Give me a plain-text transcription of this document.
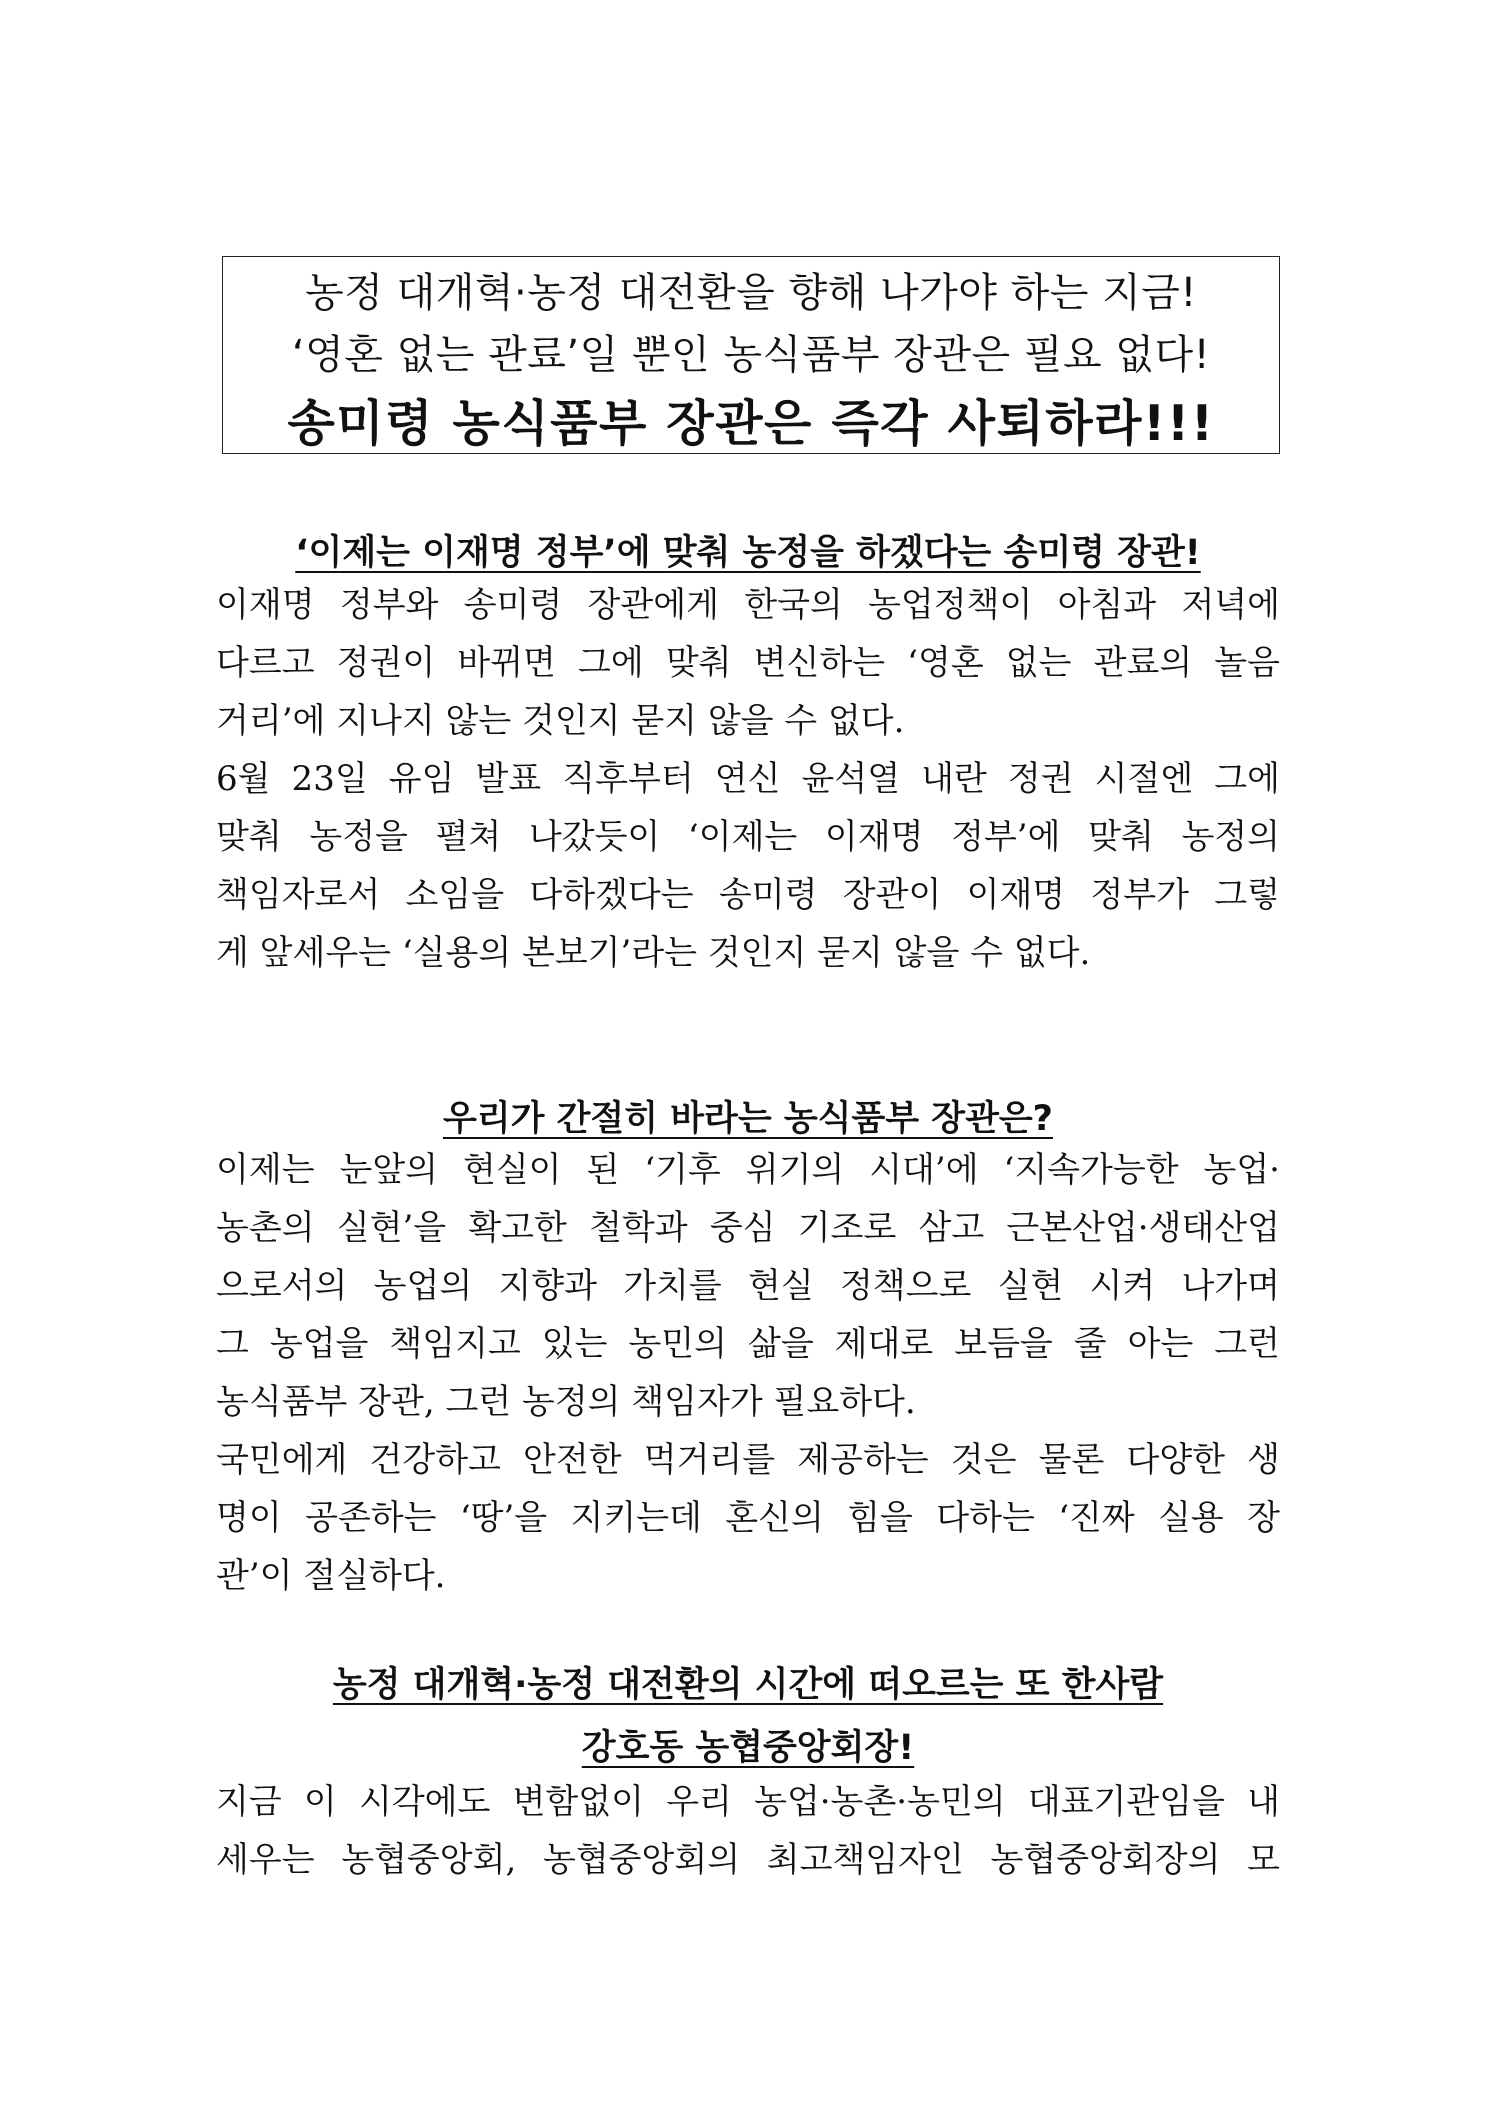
농정 대개혁·농정 대전환을 향해 나가야 하는 지금!
‘영혼 없는 관료’일 뿐인 농식품부 장관은 필요 없다!
송미령 농식품부 장관은 즉각 사퇴하라!!!
‘이제는 이재명 정부’에 맞춰 농정을 하겠다는 송미령 장관!
이재명 정부와 송미령 장관에게 한국의 농업정책이 아침과 저녁에
다르고 정권이 바뀌면 그에 맞춰 변신하는 ‘영혼 없는 관료의 놀음
거리’에 지나지 않는 것인지 묻지 않을 수 없다.
6월 23일 유임 발표 직후부터 연신 윤석열 내란 정권 시절엔 그에
맞춰 농정을 펼쳐 나갔듯이 ‘이제는 이재명 정부’에 맞춰 농정의
책임자로서 소임을 다하겠다는 송미령 장관이 이재명 정부가 그렇
게 앞세우는 ‘실용의 본보기’라는 것인지 묻지 않을 수 없다.
우리가 간절히 바라는 농식품부 장관은?
이제는 눈앞의 현실이 된 ‘기후 위기의 시대’에 ‘지속가능한 농업·
농촌의 실현’을 확고한 철학과 중심 기조로 삼고 근본산업·생태산업
으로서의 농업의 지향과 가치를 현실 정책으로 실현 시켜 나가며
그 농업을 책임지고 있는 농민의 삶을 제대로 보듬을 줄 아는 그런
농식품부 장관, 그런 농정의 책임자가 필요하다.
국민에게 건강하고 안전한 먹거리를 제공하는 것은 물론 다양한 생
명이 공존하는 ‘땅’을 지키는데 혼신의 힘을 다하는 ‘진짜 실용 장
관’이 절실하다.
농정 대개혁·농정 대전환의 시간에 떠오르는 또 한사람
강호동 농협중앙회장!
지금 이 시각에도 변함없이 우리 농업·농촌·농민의 대표기관임을 내
세우는 농협중앙회, 농협중앙회의 최고책임자인 농협중앙회장의 모
